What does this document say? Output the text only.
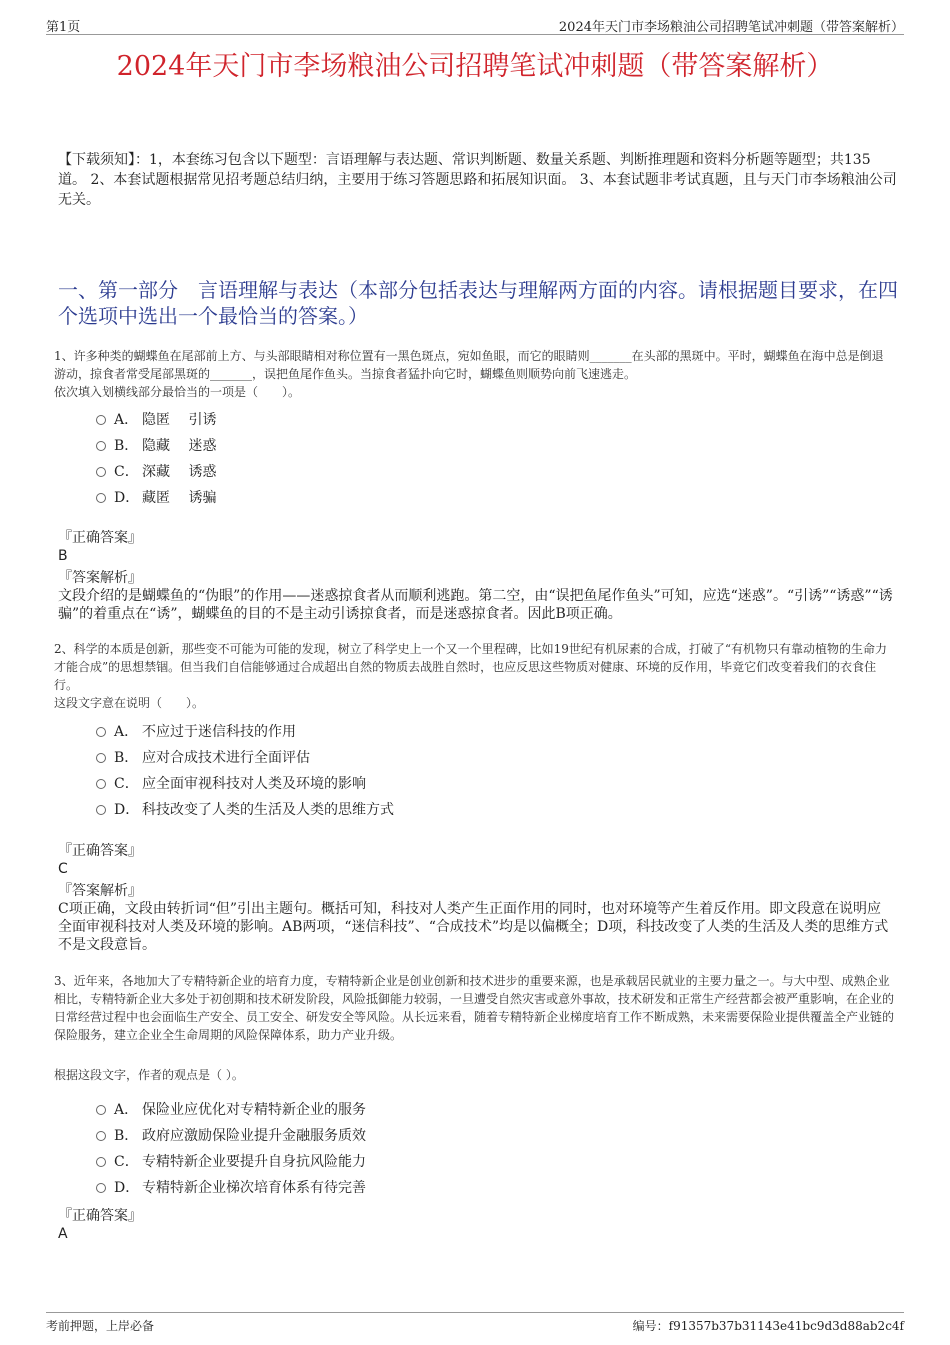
第1页	2024年天门市李场粮油公司招聘笔试冲刺题（带答案解析）
2024年天门市李场粮油公司招聘笔试冲刺题（带答案解析）
【下载须知】：1，本套练习包含以下题型：言语理解与表达题、常识判断题、数量关系题、判断推理题和资料分析题等题型；共135道。 2、本套试题根据常见招考题总结归纳，主要用于练习答题思路和拓展知识面。 3、本套试题非考试真题，且与天门市李场粮油公司无关。
一、第一部分　言语理解与表达（本部分包括表达与理解两方面的内容。请根据题目要求，在四个选项中选出一个最恰当的答案。）
1、许多种类的蝴蝶鱼在尾部前上方、与头部眼睛相对称位置有一黑色斑点，宛如鱼眼，而它的眼睛则_______在头部的黑斑中。平时，蝴蝶鱼在海中总是倒退游动，掠食者常受尾部黑斑的_______，误把鱼尾作鱼头。当掠食者猛扑向它时，蝴蝶鱼则顺势向前飞速逃走。
依次填入划横线部分最恰当的一项是（　　）。
A． 隐匿　 引诱
B． 隐藏　 迷惑
C． 深藏　 诱惑
D． 藏匿　 诱骗
『正确答案』
B
『答案解析』
文段介绍的是蝴蝶鱼的“伪眼”的作用——迷惑掠食者从而顺利逃跑。第二空，由“误把鱼尾作鱼头”可知，应选“迷惑”。“引诱”“诱惑”“诱骗”的着重点在“诱”，蝴蝶鱼的目的不是主动引诱掠食者，而是迷惑掠食者。因此B项正确。
2、科学的本质是创新，那些变不可能为可能的发现，树立了科学史上一个又一个里程碑，比如19世纪有机尿素的合成，打破了“有机物只有靠动植物的生命力才能合成”的思想禁锢。但当我们自信能够通过合成超出自然的物质去战胜自然时，也应反思这些物质对健康、环境的反作用，毕竟它们改变着我们的衣食住行。
这段文字意在说明（　　）。
A． 不应过于迷信科技的作用
B． 应对合成技术进行全面评估
C． 应全面审视科技对人类及环境的影响
D． 科技改变了人类的生活及人类的思维方式
『正确答案』
C
『答案解析』
C项正确，文段由转折词“但”引出主题句。概括可知，科技对人类产生正面作用的同时，也对环境等产生着反作用。即文段意在说明应全面审视科技对人类及环境的影响。AB两项，“迷信科技”、“合成技术”均是以偏概全；D项，科技改变了人类的生活及人类的思维方式不是文段意旨。
3、近年来，各地加大了专精特新企业的培育力度，专精特新企业是创业创新和技术进步的重要来源，也是承载居民就业的主要力量之一。与大中型、成熟企业相比，专精特新企业大多处于初创期和技术研发阶段，风险抵御能力较弱，一旦遭受自然灾害或意外事故，技术研发和正常生产经营都会被严重影响，在企业的日常经营过程中也会面临生产安全、员工安全、研发安全等风险。从长远来看，随着专精特新企业梯度培育工作不断成熟，未来需要保险业提供覆盖全产业链的保险服务，建立企业全生命周期的风险保障体系，助力产业升级。
根据这段文字，作者的观点是（ ）。
A． 保险业应优化对专精特新企业的服务
B． 政府应激励保险业提升金融服务质效
C． 专精特新企业要提升自身抗风险能力
D． 专精特新企业梯次培育体系有待完善
『正确答案』
A
考前押题，上岸必备	编号：f91357b37b31143e41bc9d3d88ab2c4f
